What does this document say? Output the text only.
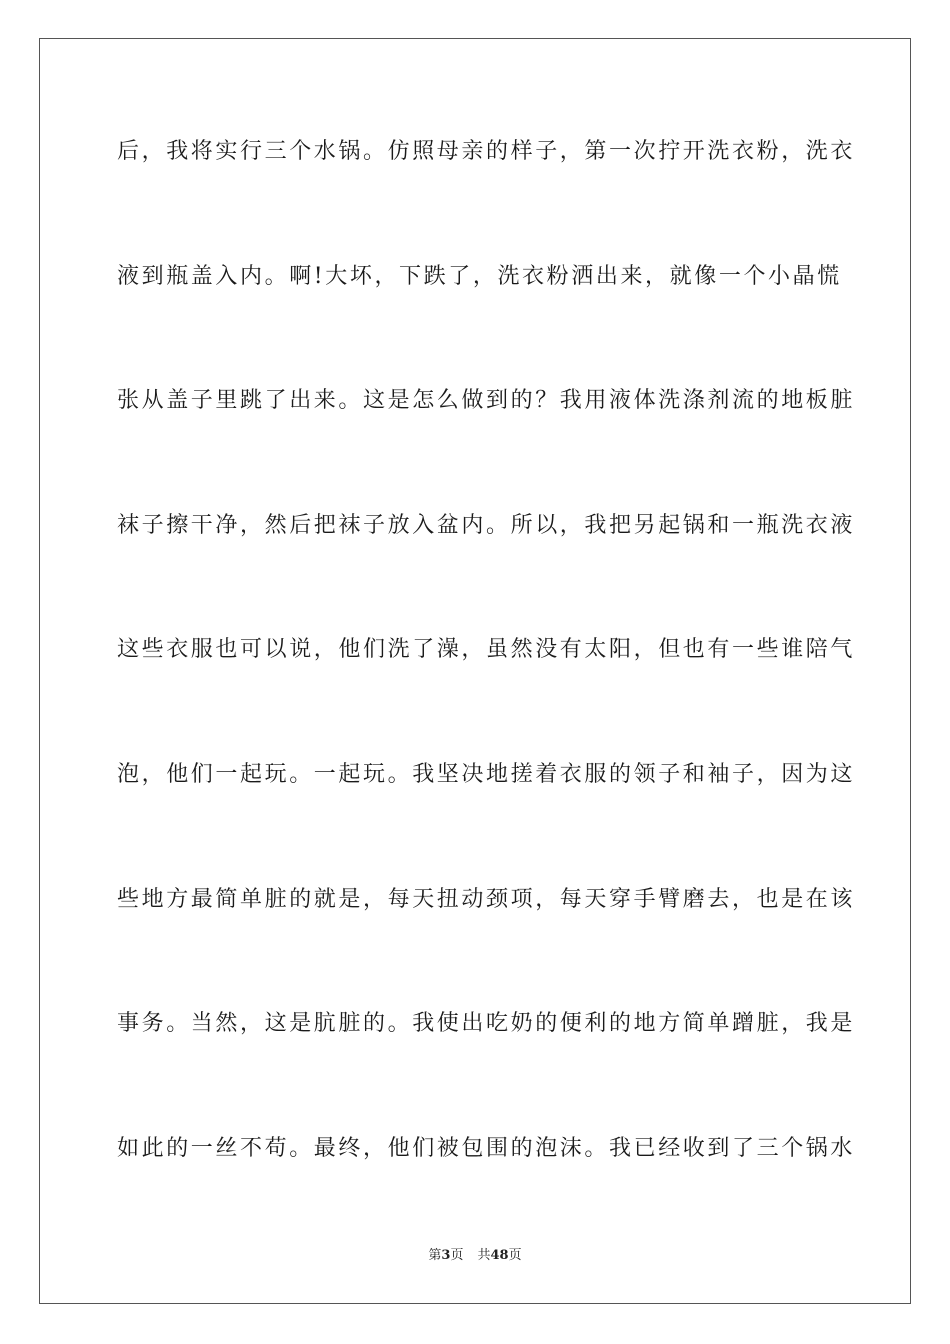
后，我将实行三个水锅。仿照母亲的样子，第一次拧开洗衣粉，洗衣
液到瓶盖入内。啊!大坏，下跌了，洗衣粉洒出来，就像一个小晶慌
张从盖子里跳了出来。这是怎么做到的？我用液体洗涤剂流的地板脏
袜子擦干净，然后把袜子放入盆内。所以，我把另起锅和一瓶洗衣液
这些衣服也可以说，他们洗了澡，虽然没有太阳，但也有一些谁陪气
泡，他们一起玩。一起玩。我坚决地搓着衣服的领子和袖子，因为这
些地方最简单脏的就是，每天扭动颈项，每天穿手臂磨去，也是在该
事务。当然，这是肮脏的。我使出吃奶的便利的地方简单蹭脏，我是
如此的一丝不苟。最终，他们被包围的泡沫。我已经收到了三个锅水
第3页 共48页
